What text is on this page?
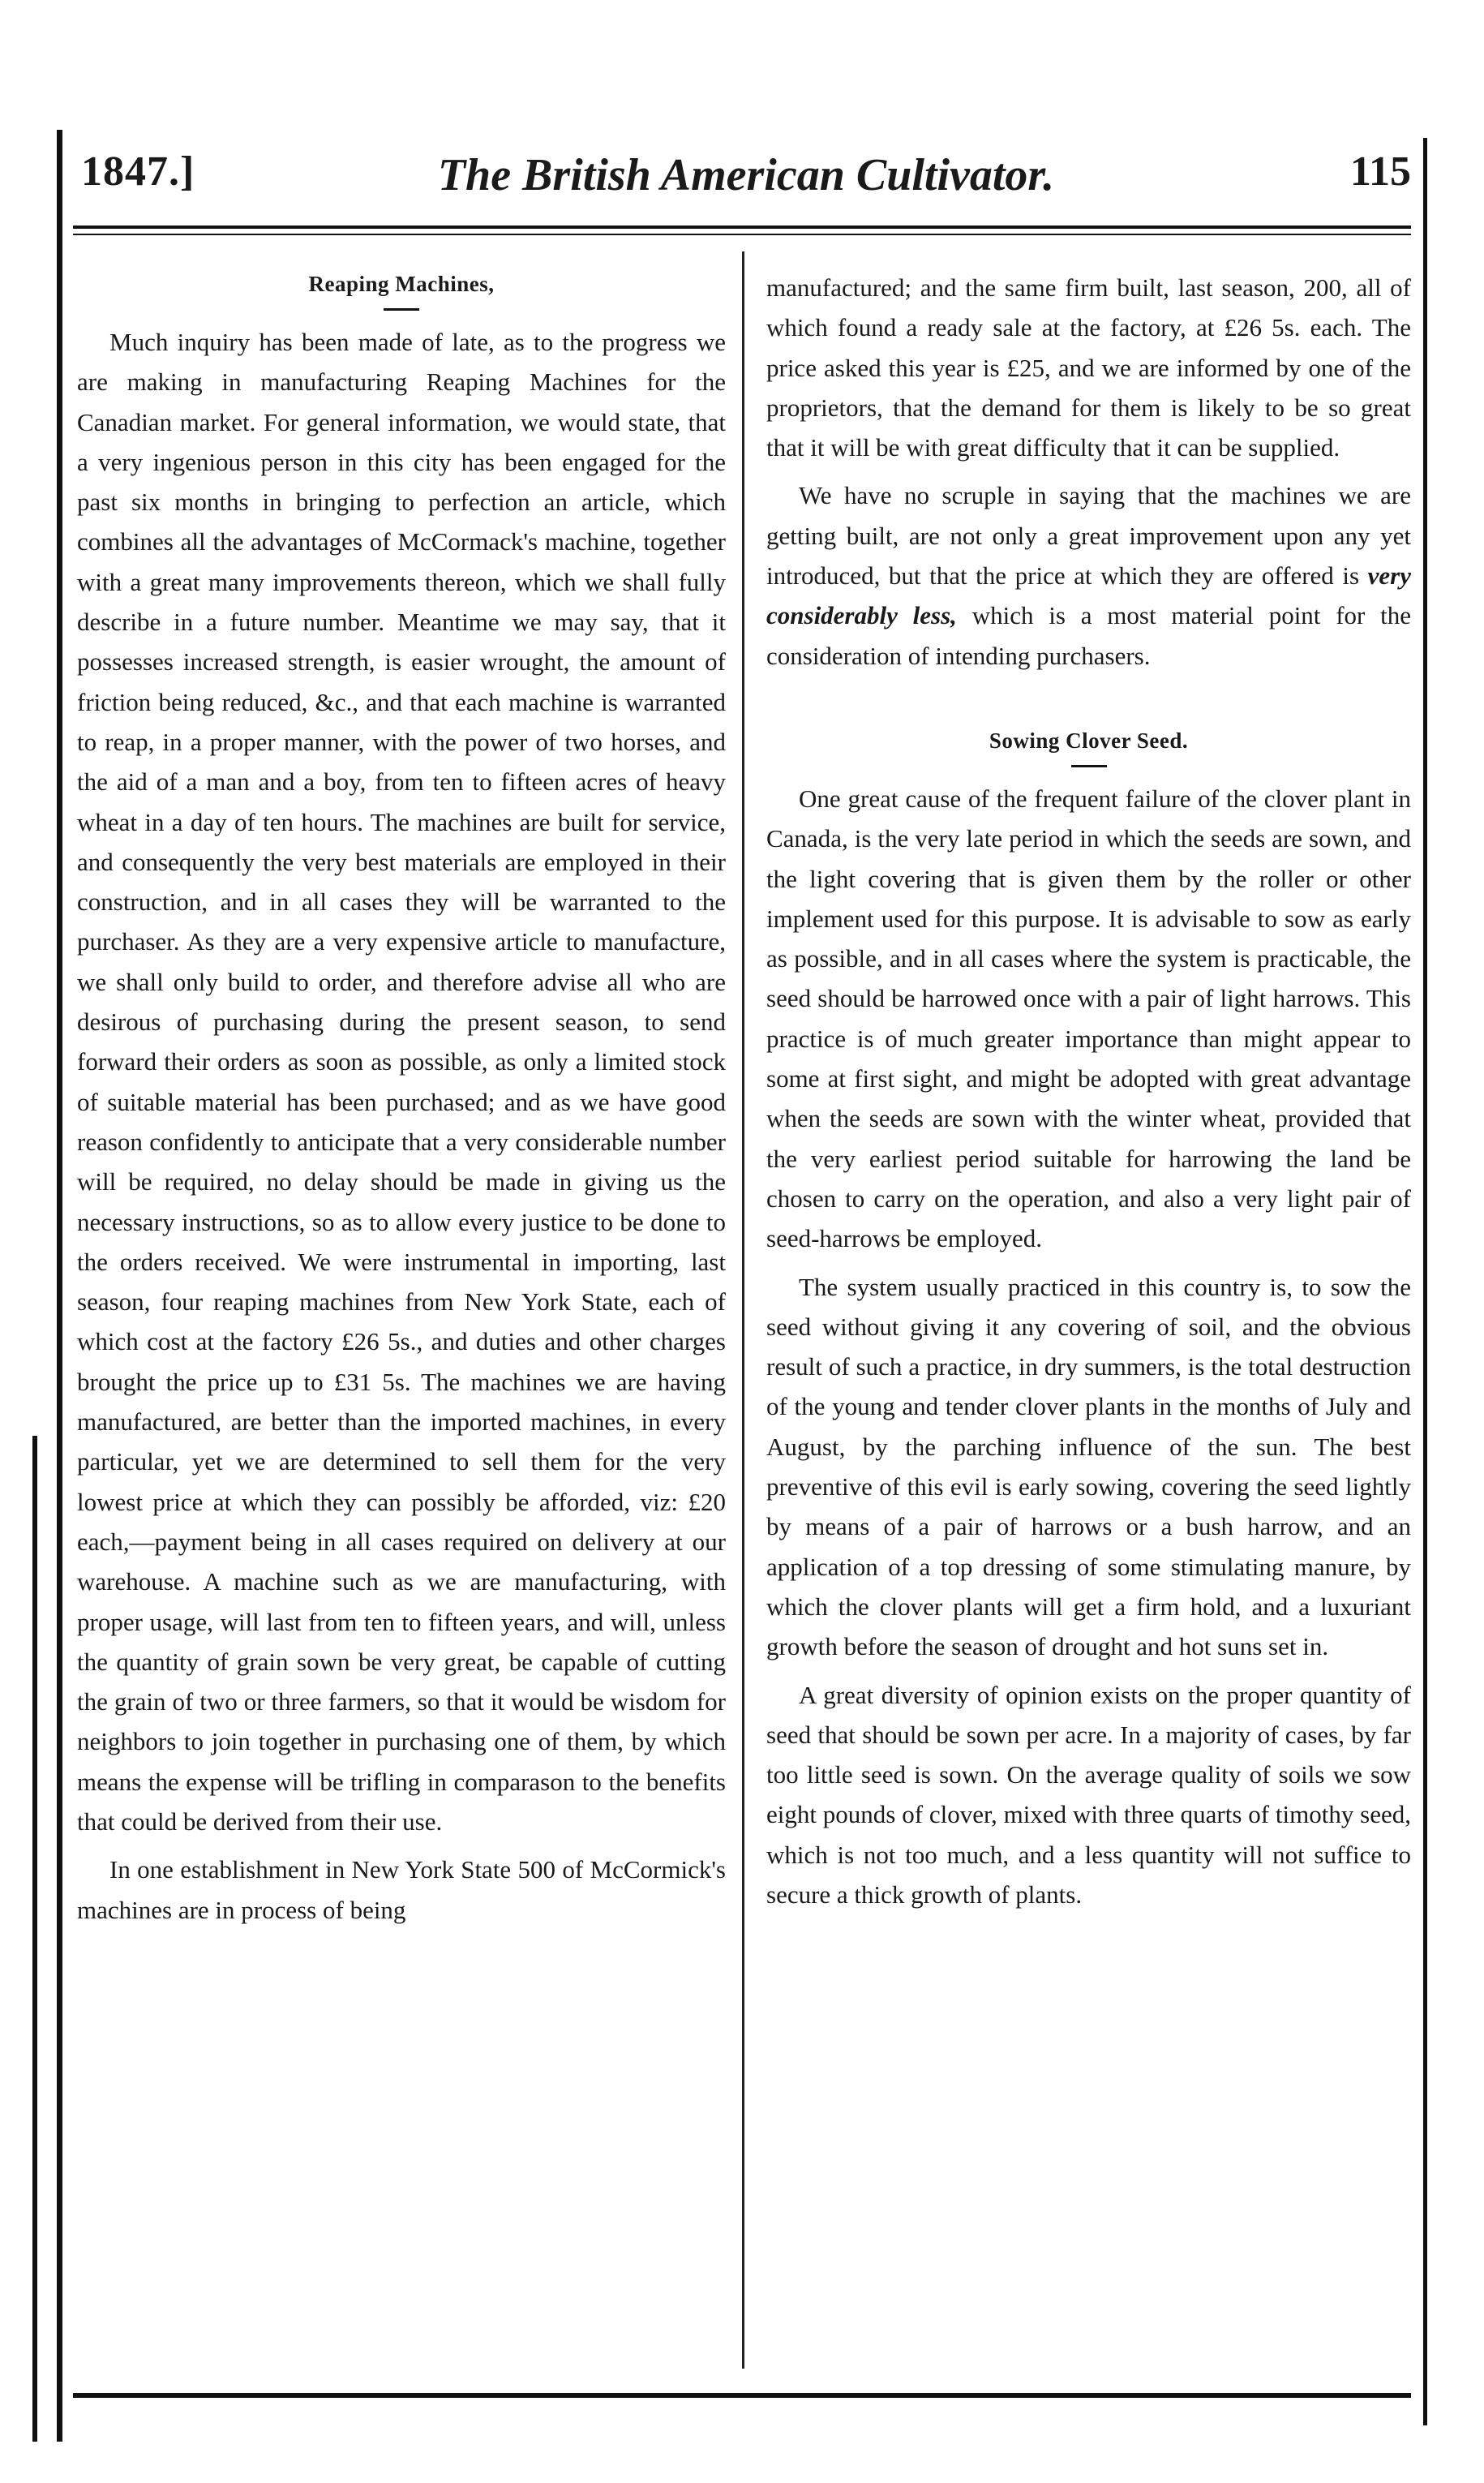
1847.]	The British American Cultivator.	115
Reaping Machines,

Much inquiry has been made of late, as to the progress we are making in manufacturing Reaping Machines for the Canadian market. For general information, we would state, that a very ingenious person in this city has been engaged for the past six months in bringing to perfection an article, which combines all the advantages of McCormack's machine, together with a great many improvements thereon, which we shall fully describe in a future number. Meantime we may say, that it possesses increased strength, is easier wrought, the amount of friction being reduced, &c., and that each machine is warranted to reap, in a proper manner, with the power of two horses, and the aid of a man and a boy, from ten to fifteen acres of heavy wheat in a day of ten hours. The machines are built for service, and consequently the very best materials are employed in their construction, and in all cases they will be warranted to the purchaser. As they are a very expensive article to manufacture, we shall only build to order, and therefore advise all who are desirous of purchasing during the present season, to send forward their orders as soon as possible, as only a limited stock of suitable material has been purchased; and as we have good reason confidently to anticipate that a very considerable number will be required, no delay should be made in giving us the necessary instructions, so as to allow every justice to be done to the orders received. We were instrumental in importing, last season, four reaping machines from New York State, each of which cost at the factory £26 5s., and duties and other charges brought the price up to £31 5s. The machines we are having manufactured, are better than the imported machines, in every particular, yet we are determined to sell them for the very lowest price at which they can possibly be afforded, viz: £20 each,—payment being in all cases required on delivery at our warehouse. A machine such as we are manufacturing, with proper usage, will last from ten to fifteen years, and will, unless the quantity of grain sown be very great, be capable of cutting the grain of two or three farmers, so that it would be wisdom for neighbors to join together in purchasing one of them, by which means the expense will be trifling in comparason to the benefits that could be derived from their use.

In one establishment in New York State 500 of McCormick's machines are in process of being

manufactured; and the same firm built, last season, 200, all of which found a ready sale at the factory, at £26 5s. each. The price asked this year is £25, and we are informed by one of the proprietors, that the demand for them is likely to be so great that it will be with great difficulty that it can be supplied.

We have no scruple in saying that the machines we are getting built, are not only a great improvement upon any yet introduced, but that the price at which they are offered is very considerably less, which is a most material point for the consideration of intending purchasers.

Sowing Clover Seed.

One great cause of the frequent failure of the clover plant in Canada, is the very late period in which the seeds are sown, and the light covering that is given them by the roller or other implement used for this purpose. It is advisable to sow as early as possible, and in all cases where the system is practicable, the seed should be harrowed once with a pair of light harrows. This practice is of much greater importance than might appear to some at first sight, and might be adopted with great advantage when the seeds are sown with the winter wheat, provided that the very earliest period suitable for harrowing the land be chosen to carry on the operation, and also a very light pair of seed-harrows be employed.

The system usually practiced in this country is, to sow the seed without giving it any covering of soil, and the obvious result of such a practice, in dry summers, is the total destruction of the young and tender clover plants in the months of July and August, by the parching influence of the sun. The best preventive of this evil is early sowing, covering the seed lightly by means of a pair of harrows or a bush harrow, and an application of a top dressing of some stimulating manure, by which the clover plants will get a firm hold, and a luxuriant growth before the season of drought and hot suns set in.

A great diversity of opinion exists on the proper quantity of seed that should be sown per acre. In a majority of cases, by far too little seed is sown. On the average quality of soils we sow eight pounds of clover, mixed with three quarts of timothy seed, which is not too much, and a less quantity will not suffice to secure a thick growth of plants.
